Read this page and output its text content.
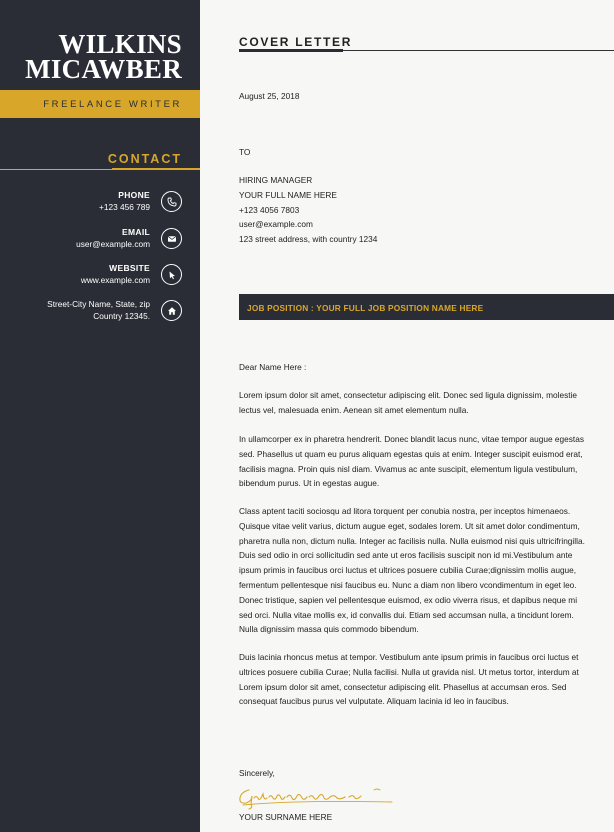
WILKINS
MICAWBER
FREELANCE WRITER
CONTACT
PHONE
+123 456 789
EMAIL
user@example.com
WEBSITE
www.example.com
Street-City Name, State, zip
Country 12345.
COVER LETTER
August 25, 2018
TO
HIRING MANAGER
YOUR FULL NAME HERE
+123 4056 7803
user@example.com
123 street address, with country 1234
JOB POSITION : YOUR FULL JOB POSITION NAME HERE
Dear Name Here :
Lorem ipsum dolor sit amet, consectetur adipiscing elit. Donec sed ligula dignissim, molestie lectus vel, malesuada enim. Aenean sit amet elementum nulla.
In ullamcorper ex in pharetra hendrerit. Donec blandit lacus nunc, vitae tempor augue egestas sed. Phasellus ut quam eu purus aliquam egestas quis at enim. Integer suscipit euismod erat, facilisis magna. Proin quis nisl diam. Vivamus ac ante suscipit, elementum ligula vestibulum, bibendum purus. Ut in egestas augue.
Class aptent taciti sociosqu ad litora torquent per conubia nostra, per inceptos himenaeos. Quisque vitae velit varius, dictum augue eget, sodales lorem. Ut sit amet dolor condimentum, pharetra nulla non, dictum nulla. Integer ac facilisis nulla. Nulla euismod nisi quis ultricifringilla. Duis sed odio in orci sollicitudin sed ante ut eros facilisis suscipit non id mi.Vestibulum ante ipsum primis in faucibus orci luctus et ultrices posuere cubilia Curae;dignissim mollis augue, fermentum pellentesque nisi faucibus eu. Nunc a diam non libero vcondimentum in eget leo. Donec tristique, sapien vel pellentesque euismod, ex odio viverra risus, et dapibus neque mi sed orci. Nulla vitae mollis ex, id convallis dui. Etiam sed accumsan nulla, a tincidunt lorem. Nulla dignissim massa quis commodo bibendum.
Duis lacinia rhoncus metus at tempor. Vestibulum ante ipsum primis in faucibus orci luctus et ultrices posuere cubilia Curae; Nulla facilisi. Nulla ut gravida nisl. Ut metus tortor, interdum at Lorem ipsum dolor sit amet, consectetur adipiscing elit. Phasellus at accumsan eros. Sed consequat faucibus purus vel vulputate. Aliquam lacinia id leo in faucibus.
Sincerely,
YOUR SURNAME HERE
